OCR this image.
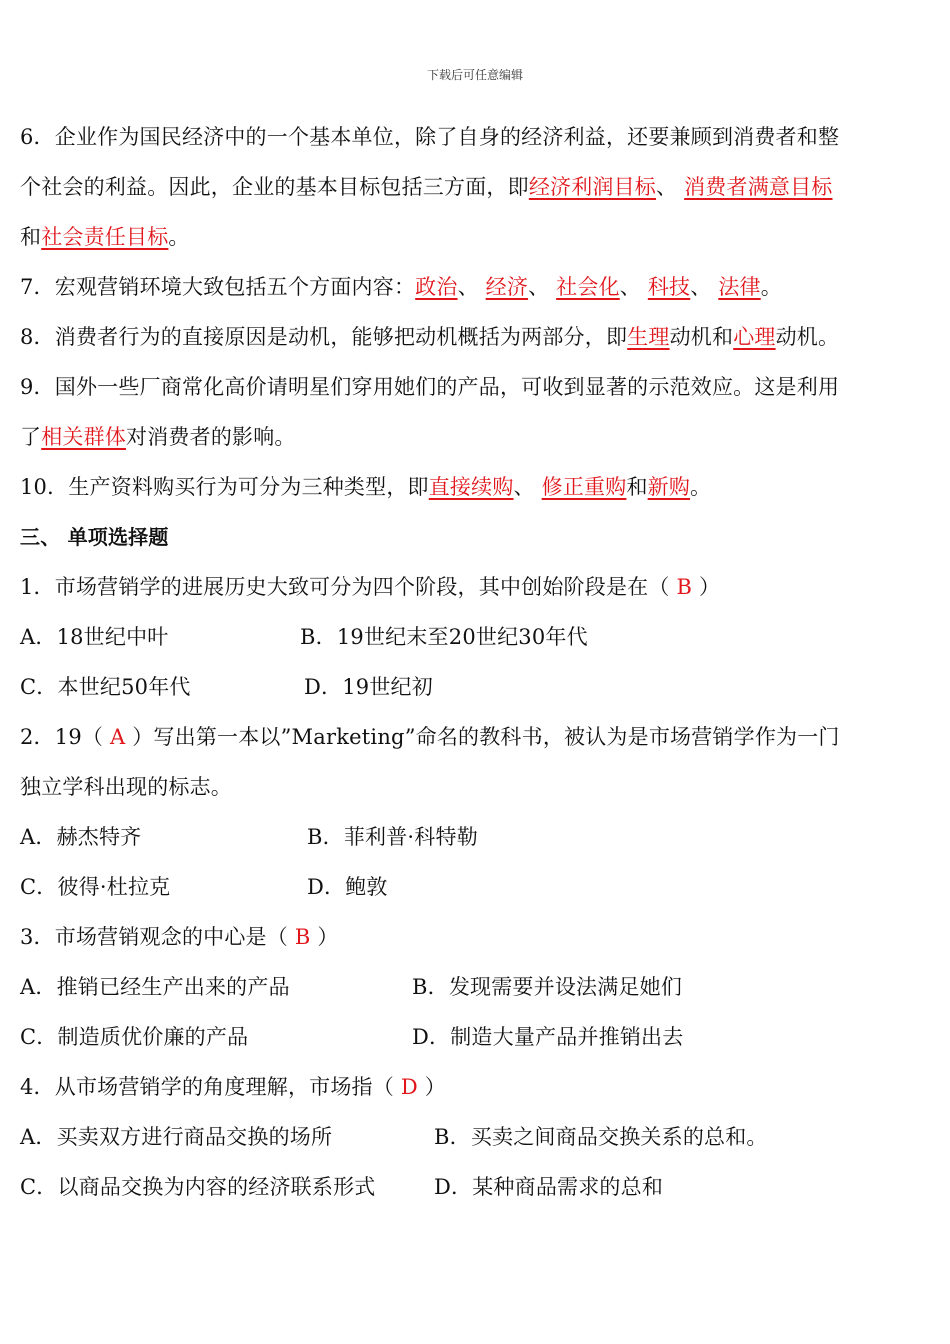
下载后可任意编辑
6．企业作为国民经济中的一个基本单位，除了自身的经济利益，还要兼顾到消费者和整
个社会的利益。因此，企业的基本目标包括三方面，即经济利润目标、 消费者满意目标
和社会责任目标。
7．宏观营销环境大致包括五个方面内容：政治、 经济、 社会化、 科技、 法律。
8．消费者行为的直接原因是动机，能够把动机概括为两部分，即生理动机和心理动机。
9．国外一些厂商常化高价请明星们穿用她们的产品，可收到显著的示范效应。这是利用
了相关群体对消费者的影响。
10．生产资料购买行为可分为三种类型，即直接续购、 修正重购和新购。
三、 单项选择题
1．市场营销学的进展历史大致可分为四个阶段，其中创始阶段是在（ B ）
A．18世纪中叶	B．19世纪末至20世纪30年代
C．本世纪50年代	D．19世纪初
2．19（ A ）写出第一本以”Marketing”命名的教科书，被认为是市场营销学作为一门
独立学科出现的标志。
A．赫杰特齐	B．菲利普·科特勒
C．彼得·杜拉克	D．鲍敦
3．市场营销观念的中心是（ B ）
A．推销已经生产出来的产品	B．发现需要并设法满足她们
C．制造质优价廉的产品	D．制造大量产品并推销出去
4．从市场营销学的角度理解，市场指（ D ）
A．买卖双方进行商品交换的场所	B．买卖之间商品交换关系的总和。
C．以商品交换为内容的经济联系形式	D．某种商品需求的总和
